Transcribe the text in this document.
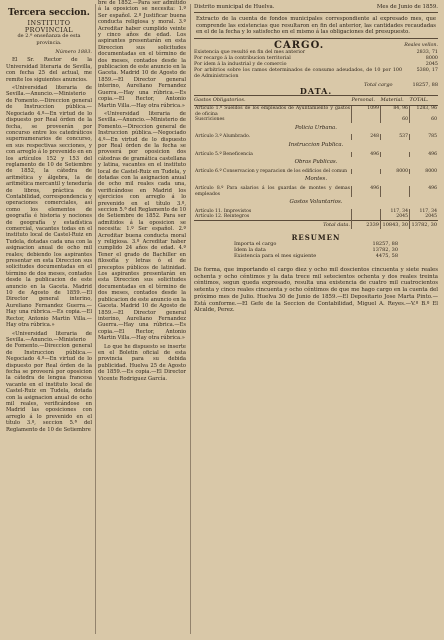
Tercera seccion.
INSTITUTO PROVINCIAL
de 2.ª enseñanza de esta provincia.
Número 1883.

El Sr. Rector de la Universidad literaria de Sevilla, con fecha 25 del actual, me remite los siguientes anuncios.

«Universidad literaria de Sevilla.—Anuncio.—Ministerio de Fomento.—Direccion general de Instruccion pública.—Negociado 4.º—En virtud de lo dispuesto por Real órden de la fecha, se proveerán por concurso entre los catedráticos supernumerarios de concurso, en sus respectivas secciones, y con arreglo á lo prevenido en en los artículos 152 y 153 del reglamento de 10 de Setiembre de 1852, la cátedra de aritmética y álgebra, la de aritmética mercantil y teneduría de libros, práctica de Contabilidad, correspondencia y operaciones comerciales, así como los elementos de geografía é historia y nociones de geografía y estadística comercial, vacantes todas en el instituto local de Castel-Ruiz en Tudela, dotadas cada una con la asignacion anual de ocho mil reales; debiendo los aspirantes presentar en esta Direccion sus solicitudes documentadas en el término de dos meses, contados desde la publicacion de este anuncio en la Gaceta. Madrid 10 de Agosto de 1859.—El Director general interino, Aureliano Fernandez Guerra.—Hay una rúbrica.—Es copia.—El Rector, Antonio Martin Villa.—Hay otra rúbrica.»

«Universidad literaria de Sevilla.—Anuncio.—Ministerio de Fomento.—Direccion general de Instruccion pública.—Negociado 4.º—En virtud de lo dispuesto por Real órden de la fecha se proveerá por oposicion la cátedra de lengua francesa vacante en el instituto local de Castel-Ruiz en Tudela, dotada con la asignacion anual de ocho mil reales, verificándose en Madrid las oposiciones con arreglo á lo prevenido en el título 3.º, seccion 5.ª del Reglamento de 10 de Setiembre

bre de 1852.—Para ser admitido á la oposicion se necesita: 1.º Ser español. 2.º Justificar buena conducta religiosa y moral. 3.º Acreditar haber cumplido veinte y cinco años de edad. Los aspirantes presentarán en esta Direccion sus solicitudes documentadas en el término de dos meses, contados desde la publicacion de este anuncio en la Gaceta. Madrid 10 de Agosto de 1859.—El Director general interino, Aureliano Fernandez Guerra.—Hay una rúbrica.—Es copia.—El Rector, Antonio Martin Villa.—Hay otra rúbrica.»

«Universidad literaria de Sevilla.—Anuncio.—Ministerio de Fomento.—Direccion general de Instruccion pública.—Negociado 4.º—En virtud de lo dispuesto por Real órden de la fecha se proveerá por oposicion dos cátedras de gramática castellana y latina, vacantes en el instituto local de Castel-Ruiz en Tudela, y dotadas con la asignacion anual de ocho mil reales cada una, verificándose en Madrid los ejercicios con arreglo á lo prevenido en el título 3.º, seccion 5.ª del Reglamento de 10 de Setiembre de 1852. Para ser admitidos á la oposicion se necesita: 1.º Ser español. 2.º Acreditar buena conducta moral y religiosa. 3.º Acreditar haber cumplido 24 años de edad. 4.º Tener el grado de Bachiller en filosofía y letras ó el de preceptos públicos de latinidad. Los aspirantes presentarán en esta Direccion sus solicitudes documentadas en el término de dos meses, contados desde la publicacion de este anuncio en la Gaceta. Madrid 10 de Agosto de 1859.—El Director general interino, Aureliano Fernandez Guerra.—Hay una rúbrica.—Es copia.—El Rector, Antonio Martin Villa.—Hay otra rúbrica.»

Lo que he dispuesto se inserte en el Boletin oficial de esta provincia para su debida publicidad. Huelva 25 de Agosto de 1859.—Es copia.—El Director Vicente Rodriguez García.

Distrito municipal de Huelva.	Mes de Junio de 1859.
Extracto de la cuenta de fondos municipales correspondiente al expresado mes, que comprende las existencias que resultaron en fin del anterior, las cantidades recaudadas en el de la fecha y lo satisfecho en el mismo á las obligaciones del presupuesto.
CARGO.	Reales vellon.
Existencia que resultó en fin del mes anterior	2833, 71
Por recargo á la contribucion territorial	8000
Por idem á la industrial y de comercio	2045
Por arbitrios sobre los ramos determinados de consumo adeudados, de 10 por 100 de Administracion
5380, 17
Total cargo	18257, 88
DATA.
Gastos Obligatorios.	Personal.	Material.	TOTAL.
Artículo 1.º Sueldos de los empleados de Ayuntamiento y gastos de oficina	1099	84, 96	1283, 96
Suscriciones		60	60
Policia Urbana.			
Artículo 3.º Alumbrado.	248	537	785
Instruccion Publica.			
Artículo 5.º Beneficencia	496		496
Obras Publicas.			
Artículo 6.º Conservacion y reparacion de los edificios del comun		8000	8000
Montes.			
Artículo 8.º Para salarios á los guardas de montes y demas empleados	496		496
Gastos Voluntarios.			
Artículo 11. Imprevistos		117, 34	117, 34
Artículo 12. Reintegros		2045	2045
Total data.	2339	10843, 30	13782, 30
RESUMEN
Importa el cargo	18257, 88
Idem la data	13782, 30
Existencia para el mes siguiente	4475, 58
De forma, que importando el cargo diez y ocho mil doscientos cincuenta y siete reales ochenta y ocho céntimos y la data trece mil setecientos ochenta y dos reales treinta céntimos, segun queda expresado, resulta una existencia de cuatro mil cuatrocientos setenta y cinco reales cincuenta y ocho céntimos de que me hago cargo en la cuenta del próximo mes de Julio. Huelva 30 de Junio de 1859.—El Depositario Jose Marta Pinto.—Está conforme.—El Gefe de la Seccion de Contabilidad, Miguel A. Reyes.—V.º B.º El Alcalde, Perez.
